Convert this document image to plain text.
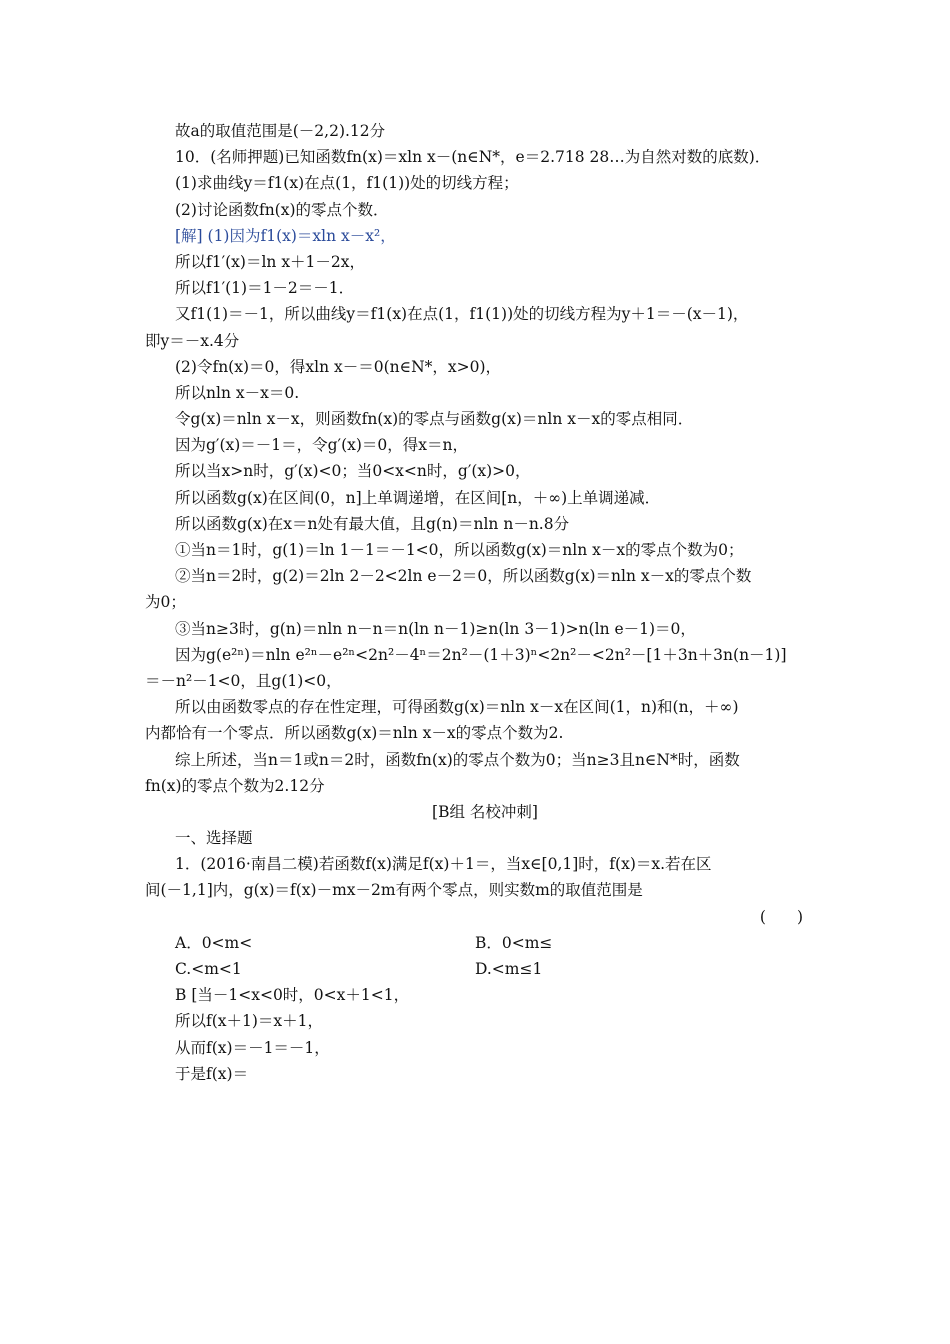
故a的取值范围是(－2,2).12分
10．(名师押题)已知函数fn(x)＝xln x－(n∈N*，e＝2.718 28…为自然对数的底数)．
(1)求曲线y＝f1(x)在点(1，f1(1))处的切线方程；
(2)讨论函数fn(x)的零点个数．
[解] (1)因为f1(x)＝xln x－x²，
所以f1′(x)＝ln x＋1－2x，
所以f1′(1)＝1－2＝－1．
又f1(1)＝－1，所以曲线y＝f1(x)在点(1，f1(1))处的切线方程为y＋1＝－(x－1)，
即y＝－x.4分
(2)令fn(x)＝0，得xln x－＝0(n∈N*，x>0)，
所以nln x－x＝0.
令g(x)＝nln x－x，则函数fn(x)的零点与函数g(x)＝nln x－x的零点相同．
因为g′(x)＝－1＝，令g′(x)＝0，得x＝n，
所以当x>n时，g′(x)<0；当0<x<n时，g′(x)>0，
所以函数g(x)在区间(0，n]上单调递增，在区间[n，＋∞)上单调递减．
所以函数g(x)在x＝n处有最大值，且g(n)＝nln n－n.8分
①当n＝1时，g(1)＝ln 1－1＝－1<0，所以函数g(x)＝nln x－x的零点个数为0；
②当n＝2时，g(2)＝2ln 2－2<2ln e－2＝0，所以函数g(x)＝nln x－x的零点个数
为0；
③当n≥3时，g(n)＝nln n－n＝n(ln n－1)≥n(ln 3－1)>n(ln e－1)＝0，
因为g(e²ⁿ)＝nln e²ⁿ－e²ⁿ<2n²－4ⁿ＝2n²－(1＋3)ⁿ<2n²－<2n²－[1＋3n＋3n(n－1)]
＝－n²－1<0，且g(1)<0，
所以由函数零点的存在性定理，可得函数g(x)＝nln x－x在区间(1，n)和(n，＋∞)
内都恰有一个零点．所以函数g(x)＝nln x－x的零点个数为2.
综上所述，当n＝1或n＝2时，函数fn(x)的零点个数为0；当n≥3且n∈N*时，函数
fn(x)的零点个数为2.12分
[B组 名校冲刺]
一、选择题
1．(2016·南昌二模)若函数f(x)满足f(x)＋1＝，当x∈[0,1]时，f(x)＝x.若在区
间(－1,1]内，g(x)＝f(x)－mx－2m有两个零点，则实数m的取值范围是
(　　)
A．0<m<	B．0<m≤
C.<m<1	D.<m≤1
B [当－1<x<0时，0<x＋1<1，
所以f(x＋1)＝x＋1，
从而f(x)＝－1＝－1，
于是f(x)＝
